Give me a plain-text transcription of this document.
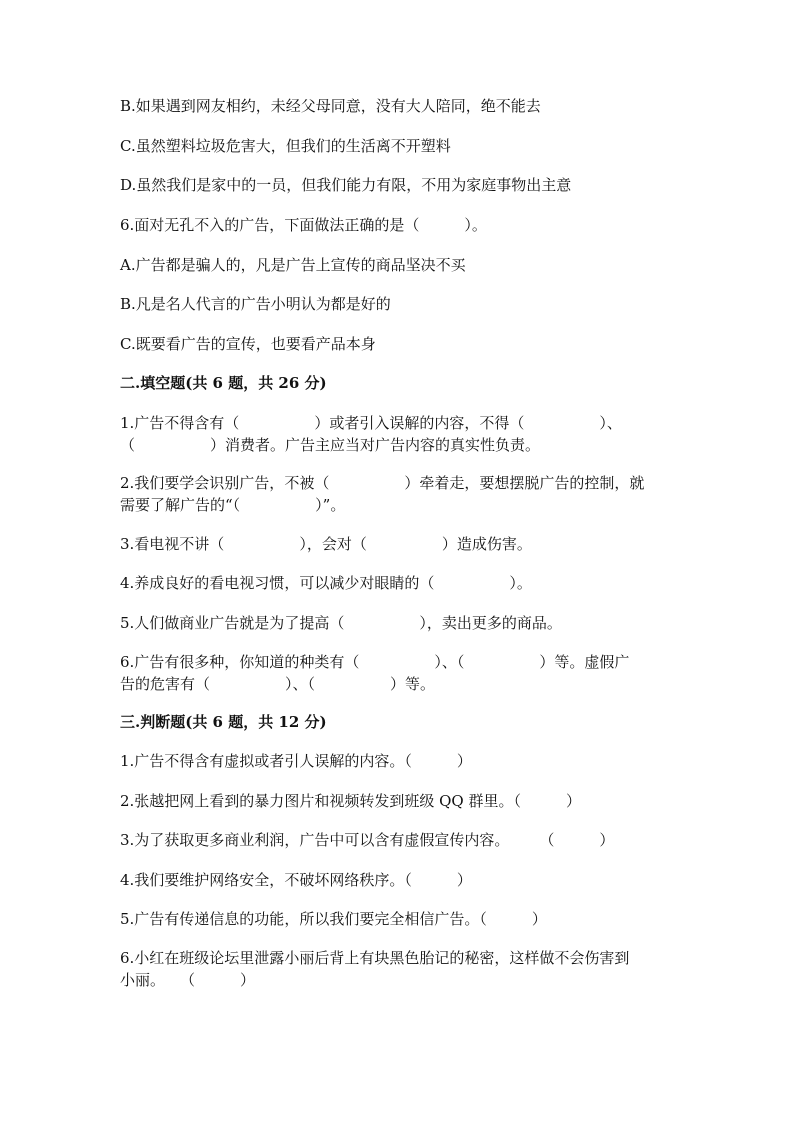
B.如果遇到网友相约，未经父母同意，没有大人陪同，绝不能去
C.虽然塑料垃圾危害大，但我们的生活离不开塑料
D.虽然我们是家中的一员，但我们能力有限，不用为家庭事物出主意
6.面对无孔不入的广告，下面做法正确的是（　　　）。
A.广告都是骗人的，凡是广告上宣传的商品坚决不买
B.凡是名人代言的广告小明认为都是好的
C.既要看广告的宣传，也要看产品本身
二.填空题(共 6 题，共 26 分)
1.广告不得含有（　　　　　）或者引入误解的内容，不得（　　　　　）、
（　　　　　）消费者。广告主应当对广告内容的真实性负责。
2.我们要学会识别广告，不被（　　　　　）牵着走，要想摆脱广告的控制，就
需要了解广告的“（　　　　　）”。
3.看电视不讲（　　　　　），会对（　　　　　）造成伤害。
4.养成良好的看电视习惯，可以减少对眼睛的（　　　　　）。
5.人们做商业广告就是为了提高（　　　　　），卖出更多的商品。
6.广告有很多种，你知道的种类有（　　　　　）、（　　　　　）等。虚假广
告的危害有（　　　　　）、（　　　　　）等。
三.判断题(共 6 题，共 12 分)
1.广告不得含有虚拟或者引人误解的内容。（　　　）
2.张越把网上看到的暴力图片和视频转发到班级 QQ 群里。（　　　）
3.为了获取更多商业利润，广告中可以含有虚假宣传内容。　　　（　　　）
4.我们要维护网络安全，不破坏网络秩序。（　　　）
5.广告有传递信息的功能，所以我们要完全相信广告。（　　　）
6.小红在班级论坛里泄露小丽后背上有块黑色胎记的秘密，这样做不会伤害到
小丽。　　（　　　）
